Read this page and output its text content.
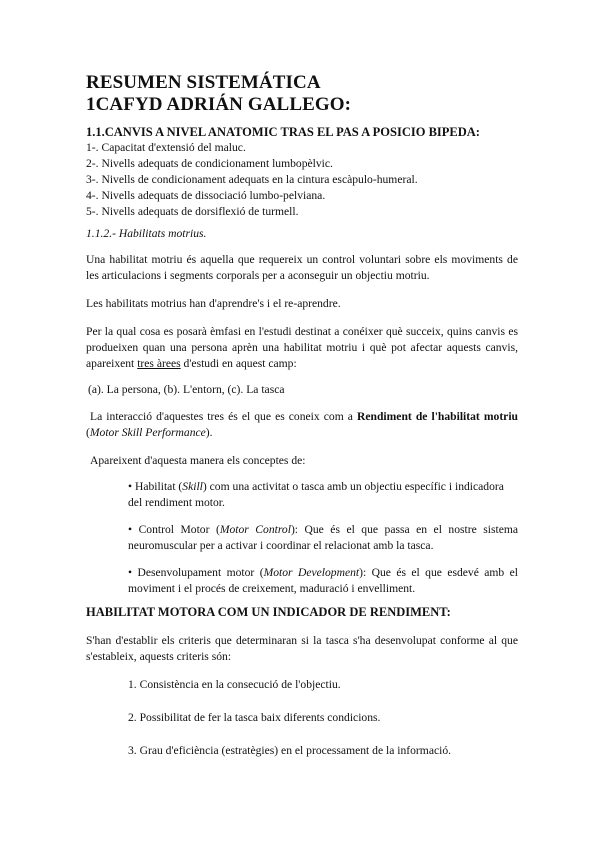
RESUMEN SISTEMÁTICA
1CAFYD ADRIÁN GALLEGO:
1.1.CANVIS A NIVEL ANATOMIC TRAS EL PAS A POSICIO BIPEDA:
1-. Capacitat d'extensió del maluc.
2-. Nivells adequats de condicionament lumbopèlvic.
3-. Nivells de condicionament adequats en la cintura escàpulo-humeral.
4-. Nivells adequats de dissociació lumbo-pelviana.
5-. Nivells adequats de dorsiflexió de turmell.
1.1.2.- Habilitats motrius.
Una habilitat motriu és aquella que requereix un control voluntari sobre els moviments de les articulacions i segments corporals per a aconseguir un objectiu motriu.
Les habilitats motrius han d'aprendre's i el re-aprendre.
Per la qual cosa es posarà èmfasi en l'estudi destinat a conéixer què succeix, quins canvis es produeixen quan una persona aprèn una habilitat motriu i què pot afectar aquests canvis, apareixent tres àrees d'estudi en aquest camp:
(a). La persona, (b). L'entorn, (c). La tasca
La interacció d'aquestes tres és el que es coneix com a Rendiment de l'habilitat motriu (Motor Skill Performance).
Apareixent d'aquesta manera els conceptes de:
• Habilitat (Skill) com una activitat o tasca amb un objectiu específic i indicadora del rendiment motor.
• Control Motor (Motor Control): Que és el que passa en el nostre sistema neuromuscular per a activar i coordinar el relacionat amb la tasca.
• Desenvolupament motor (Motor Development): Que és el que esdevé amb el moviment i el procés de creixement, maduració i envelliment.
HABILITAT MOTORA COM UN INDICADOR DE RENDIMENT:
S'han d'establir els criteris que determinaran si la tasca s'ha desenvolupat conforme al que s'estableix, aquests criteris són:
1. Consistència en la consecució de l'objectiu.
2. Possibilitat de fer la tasca baix diferents condicions.
3. Grau d'eficiència (estratègies) en el processament de la informació.
